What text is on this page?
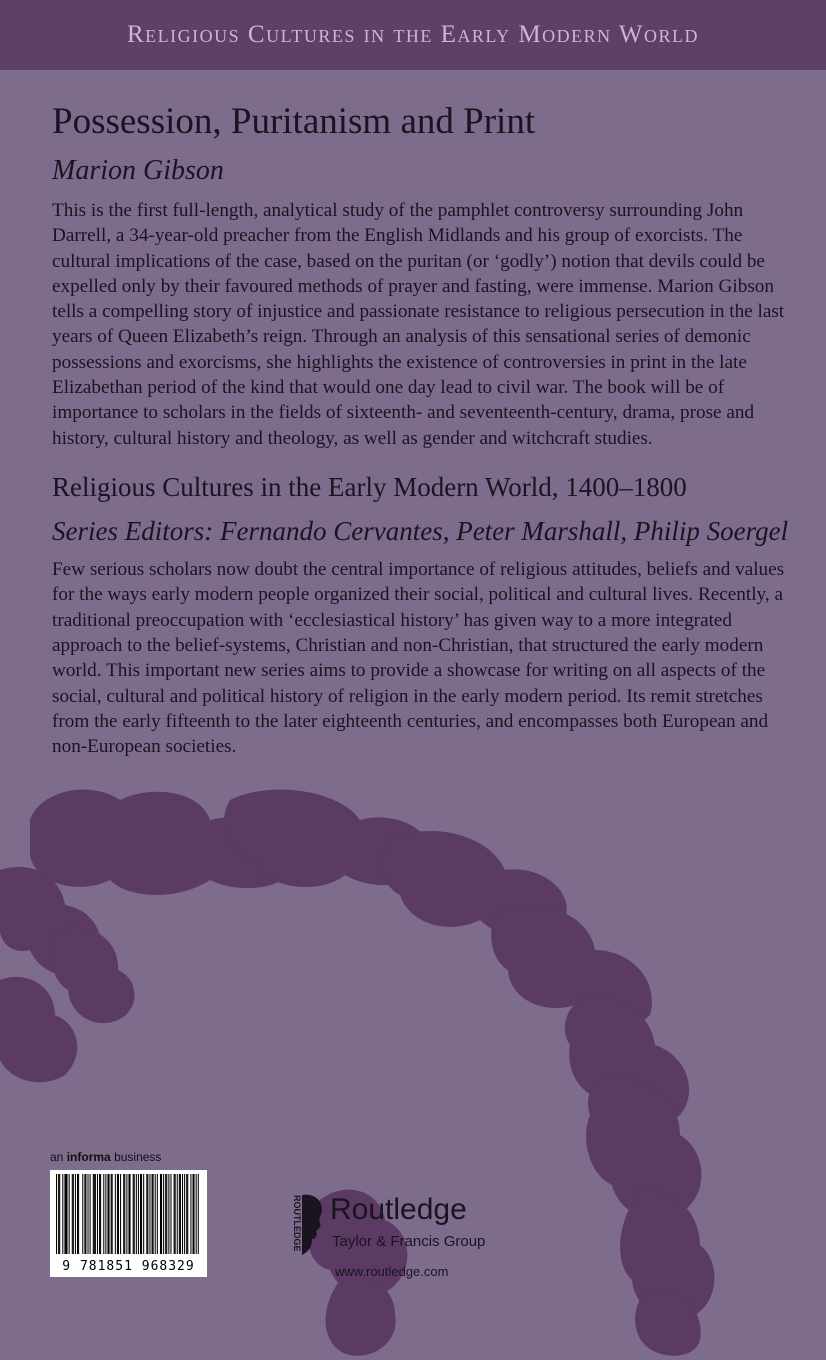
Religious Cultures in the Early Modern World
Possession, Puritanism and Print
Marion Gibson

This is the first full-length, analytical study of the pamphlet controversy surrounding John Darrell, a 34-year-old preacher from the English Midlands and his group of exorcists. The cultural implications of the case, based on the puritan (or ‘godly’) notion that devils could be expelled only by their favoured methods of prayer and fasting, were immense. Marion Gibson tells a compelling story of injustice and passionate resistance to religious persecution in the last years of Queen Elizabeth’s reign. Through an analysis of this sensational series of demonic possessions and exorcisms, she highlights the existence of controversies in print in the late Elizabethan period of the kind that would one day lead to civil war. The book will be of importance to scholars in the fields of sixteenth- and seventeenth-century, drama, prose and history, cultural history and theology, as well as gender and witchcraft studies.

Religious Cultures in the Early Modern World, 1400–1800
Series Editors: Fernando Cervantes, Peter Marshall, Philip Soergel

Few serious scholars now doubt the central importance of religious attitudes, beliefs and values for the ways early modern people organized their social, political and cultural lives. Recently, a traditional preoccupation with ‘ecclesiastical history’ has given way to a more integrated approach to the belief-systems, Christian and non-Christian, that structured the early modern world. This important new series aims to provide a showcase for writing on all aspects of the social, cultural and political history of religion in the early modern period. Its remit stretches from the early fifteenth to the later eighteenth centuries, and encompasses both European and non-European societies.

an informa business
9 781851 968329
ROUTLEDGE Routledge
Taylor & Francis Group
www.routledge.com
